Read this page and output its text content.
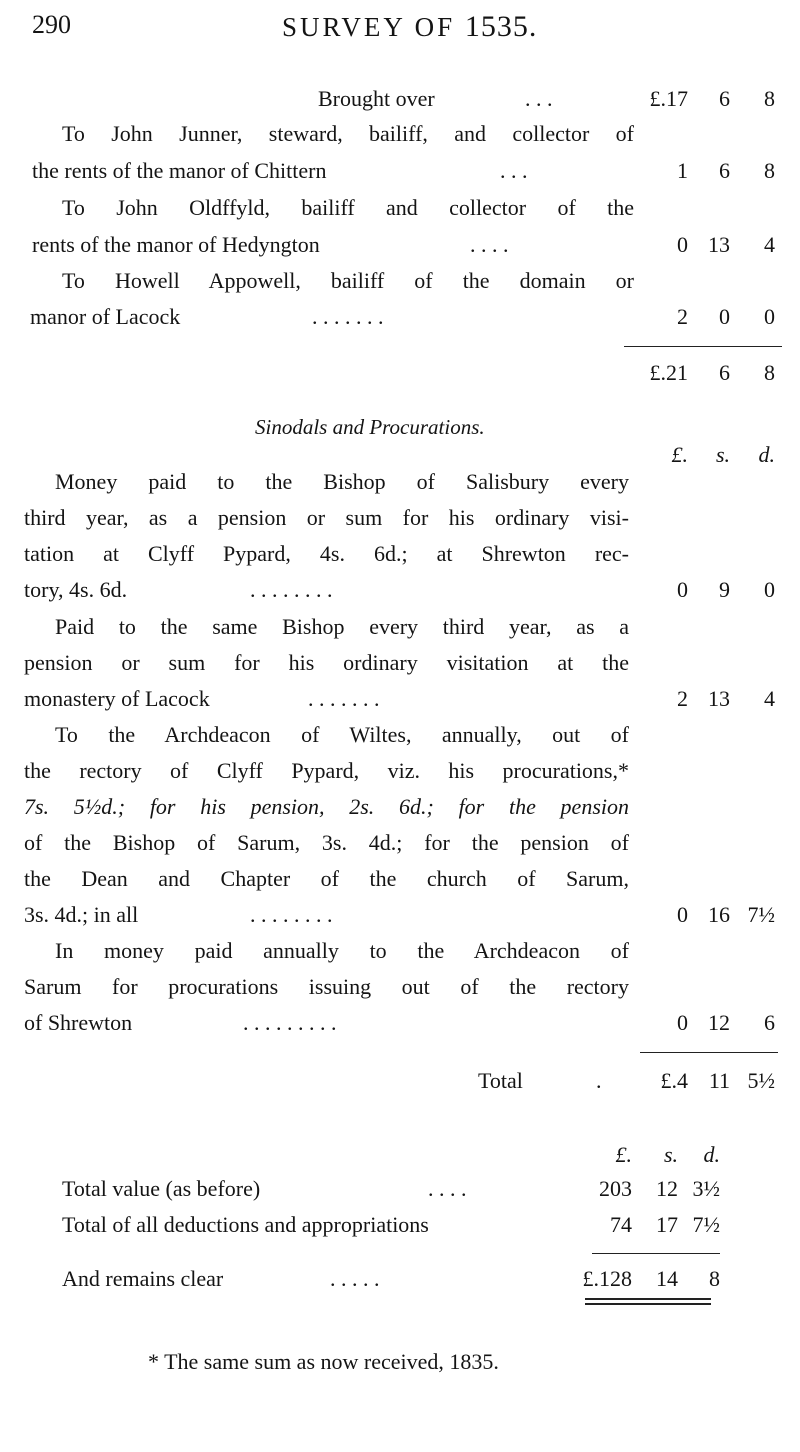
290	SURVEY OF 1535.
Brought over	. . .	£.17	6	8
To John Junner, steward, bailiff, and collector of
the rents of the manor of Chittern	. . .	1	6	8
To John Oldffyld, bailiff and collector of the
rents of the manor of Hedyngton	. . . .	0 13	4
To Howell Appowell, bailiff of the domain or
manor of Lacock	. . . . . . .	2	0	0
£.21	6	8
Sinodals and Procurations.
£.	s.	d.
Money paid to the Bishop of Salisbury every
third year, as a pension or sum for his ordinary visi-
tation at Clyff Pypard, 4s. 6d.; at Shrewton rec-
tory, 4s. 6d.	. . . . . . . .	0	9	0
Paid to the same Bishop every third year, as a
pension or sum for his ordinary visitation at the
monastery of Lacock	. . . . . . .	2 13	4
To the Archdeacon of Wiltes, annually, out of
the rectory of Clyff Pypard, viz. his procurations,*
7s. 5½d.; for his pension, 2s. 6d.; for the pension
of the Bishop of Sarum, 3s. 4d.; for the pension of
the Dean and Chapter of the church of Sarum,
3s. 4d.; in all	. . . . . . . .	0 16 7½
In money paid annually to the Archdeacon of
Sarum for procurations issuing out of the rectory
of Shrewton	. . . . . . . . .	0 12	6
Total	.	£.4 11 5½
£.	s.	d.
Total value (as before)	. . . .	203	12 3½
Total of all deductions and appropriations	74	17 7½
And remains clear	. . . . .	£.128	14	8
* The same sum as now received, 1835.
